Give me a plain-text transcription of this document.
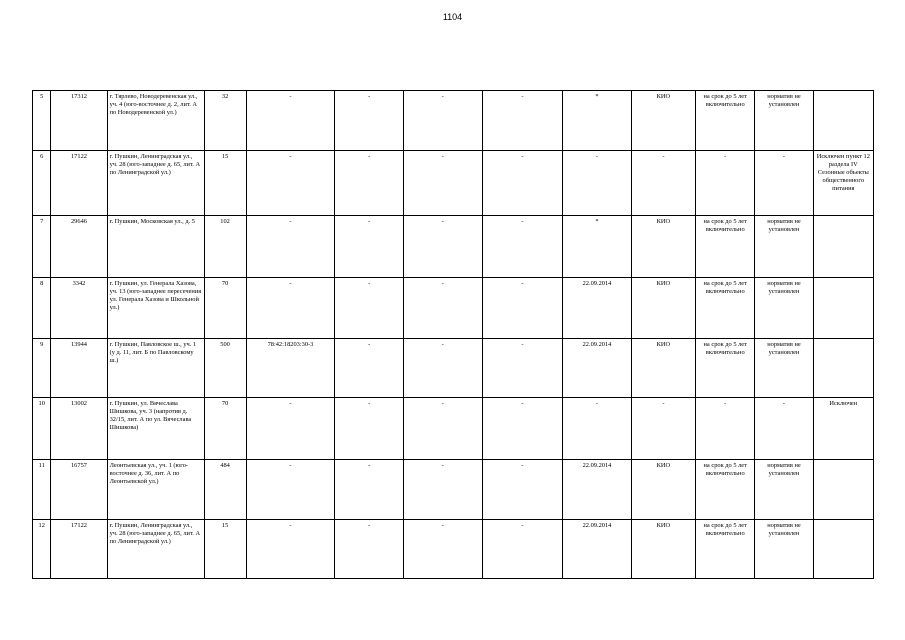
1104
5	17312	г. Тярлево, Новодеревенская ул., уч. 4 (юго-восточнее д. 2, лит. А по Новодеревенской ул.)	32	-	-	-	-	*	КИО	на срок до 5 лет включительно	норматив не установлен	
6	17122	г. Пушкин, Ленинградская ул., уч. 28 (юго-западнее д. 65, лит. А по Ленинградской ул.)	15	-	-	-	-	-	-	-	-	Исключен пункт 12 раздела IV Сезонные объекты общественного питания
7	29646	г. Пушкин, Московская ул., д. 5	102	-	-	-	-	*	КИО	на срок до 5 лет включительно	норматив не установлен	
8	3342	г. Пушкин, ул. Генерала Хазова, уч. 13 (юго-западнее пересечения ул. Генерала Хазова и Школьной ул.)	70	-	-	-	-	22.09.2014	КИО	на срок до 5 лет включительно	норматив не установлен	
9	13944	г. Пушкин, Павловское ш., уч. 1 (у д. 11, лит. Б по Павловскому ш.)	500	78:42:18203:30-3	-	-	-	22.09.2014	КИО	на срок до 5 лет включительно	норматив не установлен	
10	13002	г. Пушкин, ул. Вячеслава Шишкова, уч. 3 (напротив д. 32/15, лит. А по ул. Вячеслава Шишкова)	70	-	-	-	-	-	-	-	-	Исключен
11	16757	Леонтьевская ул., уч. 1 (юго-восточнее д. 36, лит. А по Леонтьевской ул.)	484	-	-	-	-	22.09.2014	КИО	на срок до 5 лет включительно	норматив не установлен	
12	17122	г. Пушкин, Ленинградская ул., уч. 28 (юго-западнее д. 65, лит. А по Ленинградской ул.)	15	-	-	-	-	22.09.2014	КИО	на срок до 5 лет включительно	норматив не установлен	
